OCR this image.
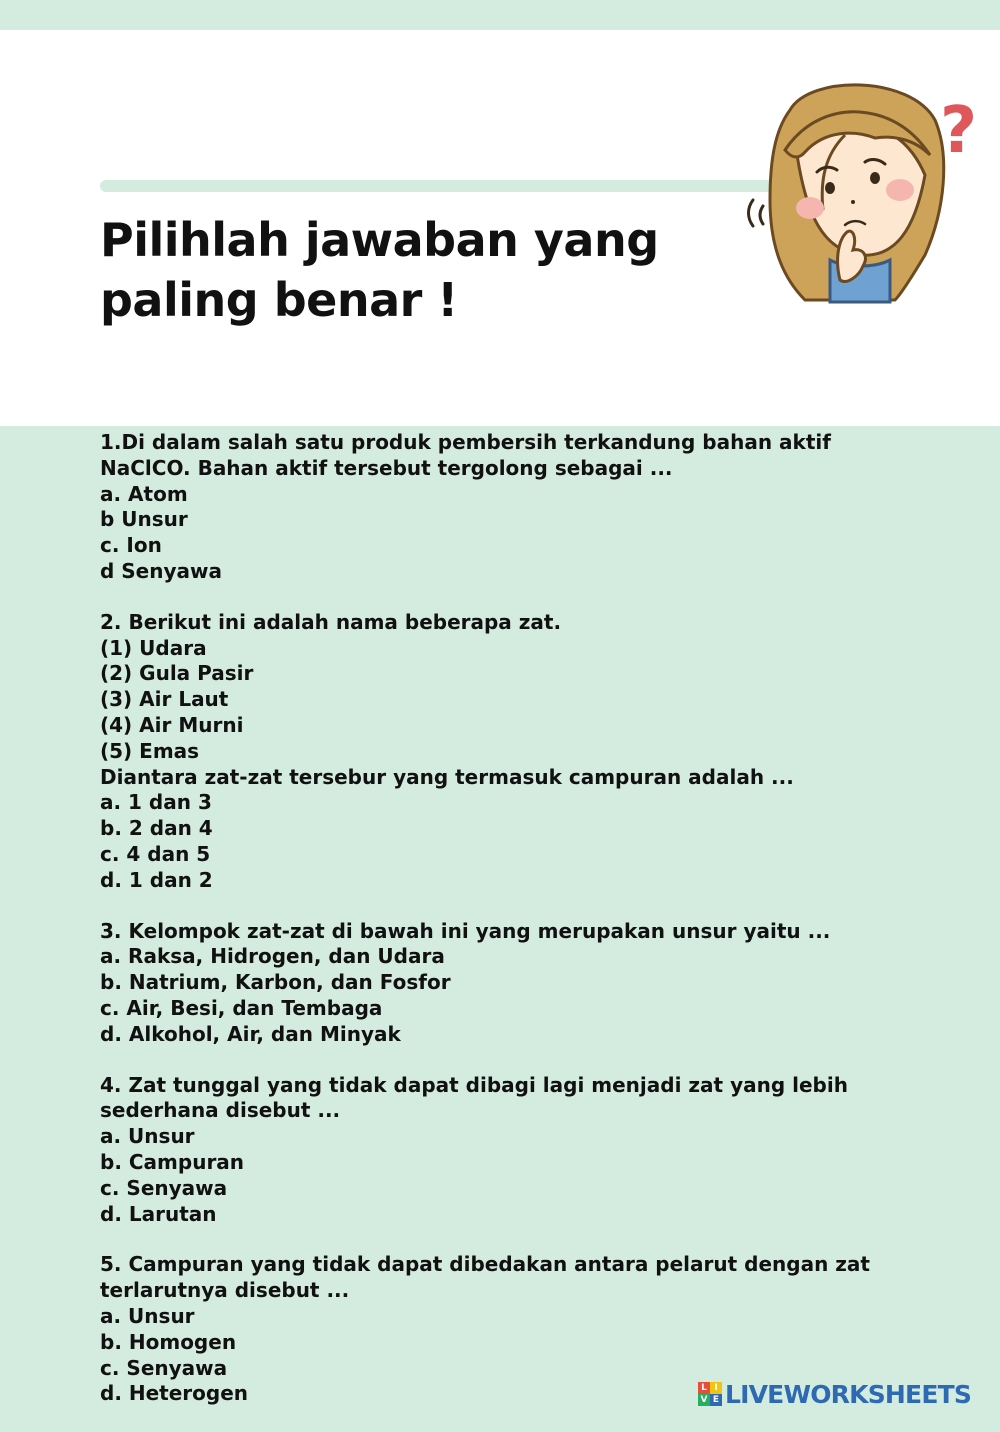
Pilihlah jawaban yang
paling benar !
?
1.Di dalam salah satu produk pembersih terkandung bahan aktif
NaClCO. Bahan aktif tersebut tergolong sebagai ...
a. Atom
b Unsur
c. Ion
d Senyawa
2. Berikut ini adalah nama beberapa zat.
(1) Udara
(2) Gula Pasir
(3) Air Laut
(4) Air Murni
(5) Emas
Diantara zat-zat tersebur yang termasuk campuran adalah ...
a. 1 dan 3
b. 2 dan 4
c. 4 dan 5
d. 1 dan 2
3. Kelompok zat-zat di bawah ini yang merupakan unsur yaitu ...
a. Raksa, Hidrogen, dan Udara
b. Natrium, Karbon, dan Fosfor
c. Air, Besi, dan Tembaga
d. Alkohol, Air, dan Minyak
4. Zat tunggal yang tidak dapat dibagi lagi menjadi zat yang lebih
sederhana disebut ...
a. Unsur
b. Campuran
c. Senyawa
d. Larutan
5. Campuran yang tidak dapat dibedakan antara pelarut dengan zat
terlarutnya disebut ...
a. Unsur
b. Homogen
c. Senyawa
d. Heterogen	L I
V E LIVEWORKSHEETS
